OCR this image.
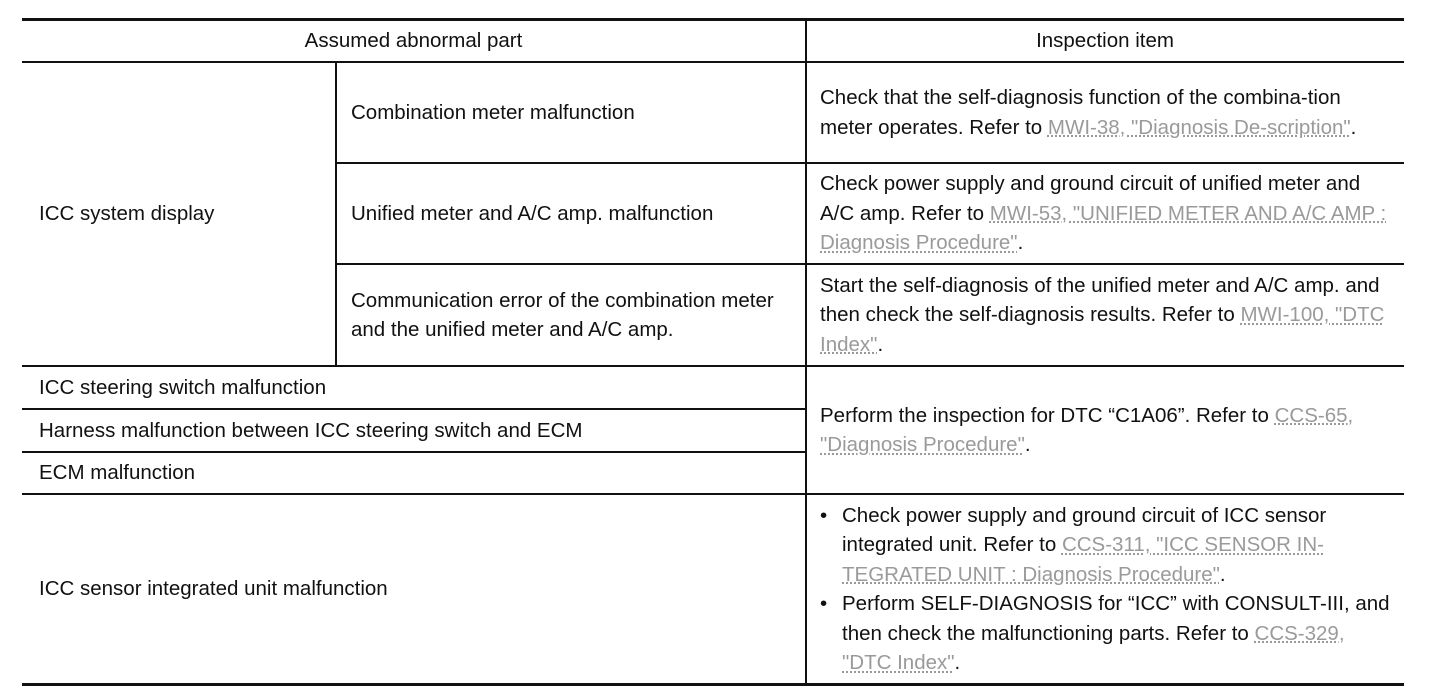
Assumed abnormal part	Inspection item
ICC system display
Combination meter malfunction
Check that the self-diagnosis function of the combina-tion meter operates. Refer to MWI-38, "Diagnosis De-scription".
Unified meter and A/C amp. malfunction
Check power supply and ground circuit of unified meter and A/C amp. Refer to MWI-53, "UNIFIED METER AND A/C AMP : Diagnosis Procedure".
Communication error of the combination meter and the unified meter and A/C amp.
Start the self-diagnosis of the unified meter and A/C amp. and then check the self-diagnosis results. Refer to MWI-100, "DTC Index".
ICC steering switch malfunction
Harness malfunction between ICC steering switch and ECM
ECM malfunction
Perform the inspection for DTC “C1A06”. Refer to CCS-65, "Diagnosis Procedure".
ICC sensor integrated unit malfunction
• Check power supply and ground circuit of ICC sensor integrated unit. Refer to CCS-311, "ICC SENSOR IN-TEGRATED UNIT : Diagnosis Procedure".
• Perform SELF-DIAGNOSIS for “ICC” with CONSULT-III, and then check the malfunctioning parts. Refer to CCS-329, "DTC Index".
